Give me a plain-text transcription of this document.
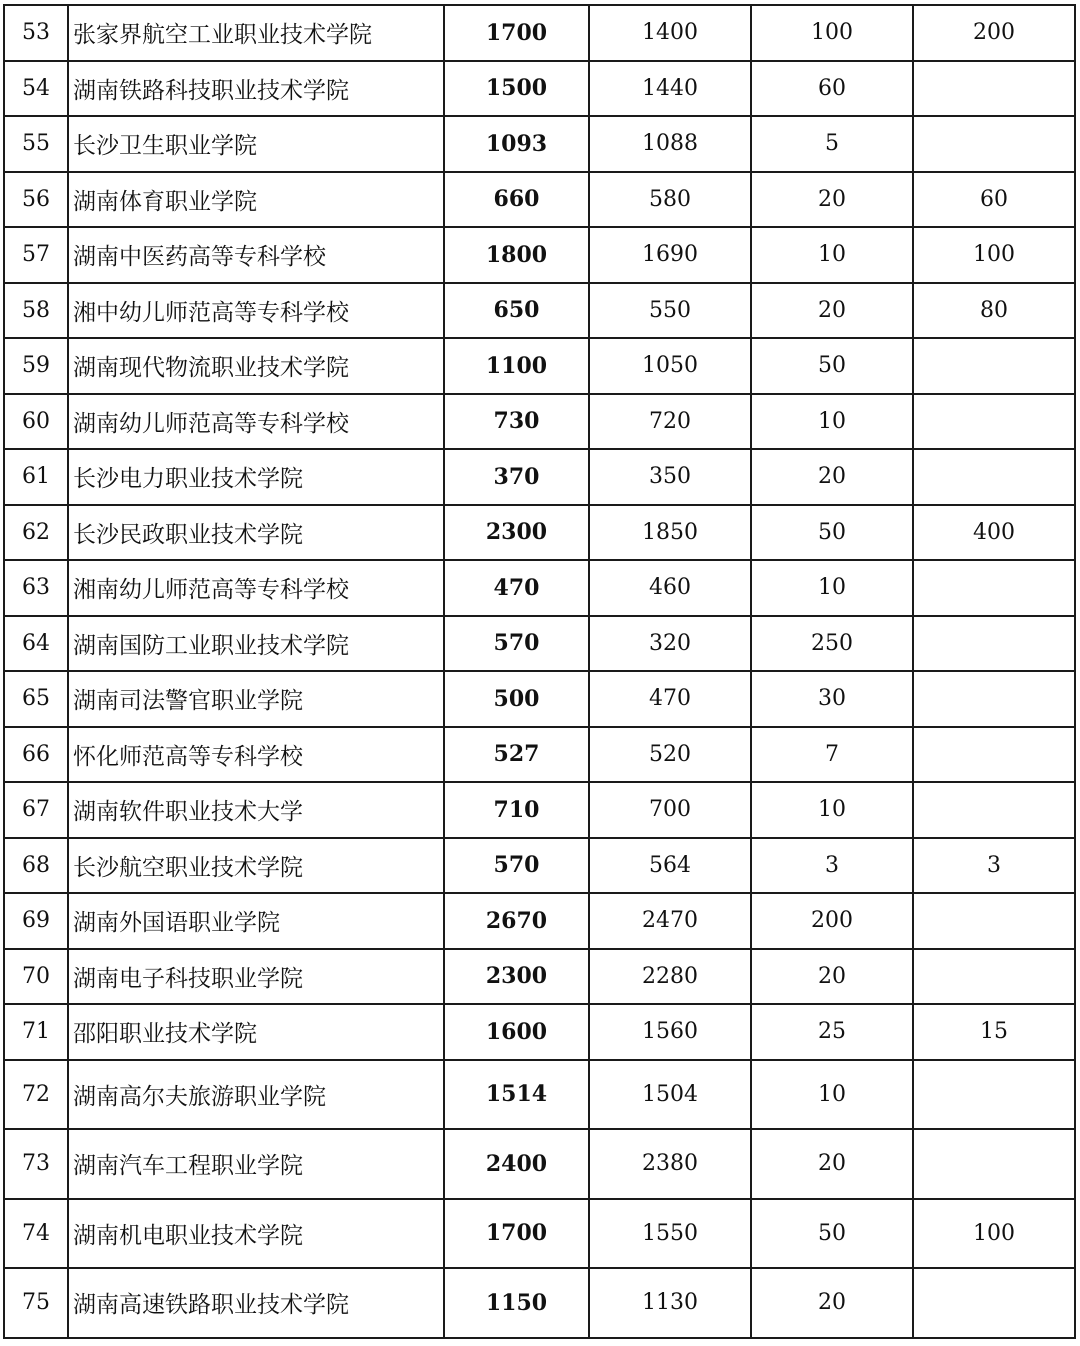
53	张家界航空工业职业技术学院	1700	1400	100	200
54	湖南铁路科技职业技术学院	1500	1440	60	
55	长沙卫生职业学院	1093	1088	5	
56	湖南体育职业学院	660	580	20	60
57	湖南中医药高等专科学校	1800	1690	10	100
58	湘中幼儿师范高等专科学校	650	550	20	80
59	湖南现代物流职业技术学院	1100	1050	50	
60	湖南幼儿师范高等专科学校	730	720	10	
61	长沙电力职业技术学院	370	350	20	
62	长沙民政职业技术学院	2300	1850	50	400
63	湘南幼儿师范高等专科学校	470	460	10	
64	湖南国防工业职业技术学院	570	320	250	
65	湖南司法警官职业学院	500	470	30	
66	怀化师范高等专科学校	527	520	7	
67	湖南软件职业技术大学	710	700	10	
68	长沙航空职业技术学院	570	564	3	3
69	湖南外国语职业学院	2670	2470	200	
70	湖南电子科技职业学院	2300	2280	20	
71	邵阳职业技术学院	1600	1560	25	15
72	湖南高尔夫旅游职业学院	1514	1504	10	
73	湖南汽车工程职业学院	2400	2380	20	
74	湖南机电职业技术学院	1700	1550	50	100
75	湖南高速铁路职业技术学院	1150	1130	20	
